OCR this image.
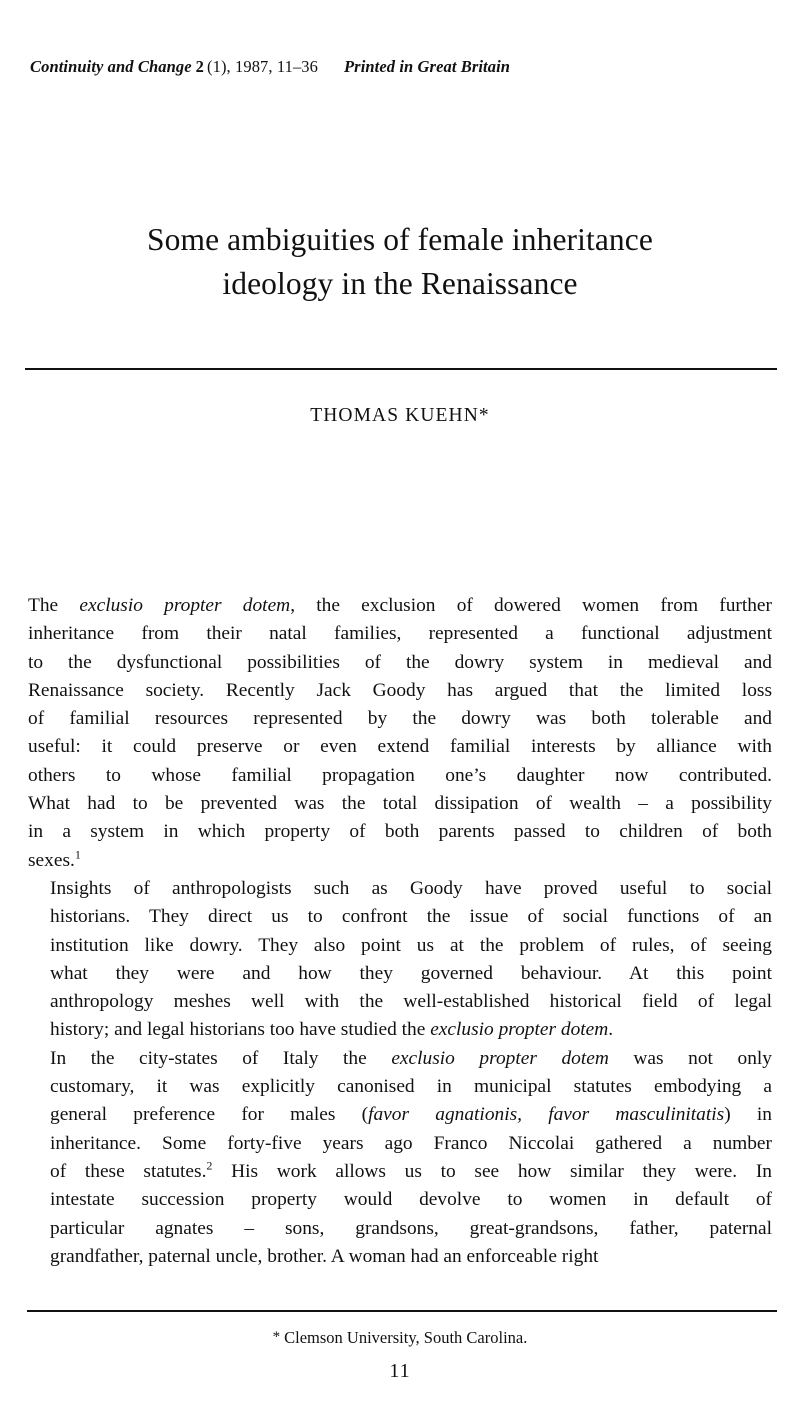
Continuity and Change 2 (1), 1987, 11–36 Printed in Great Britain
Some ambiguities of female inheritance
ideology in the Renaissance
THOMAS KUEHN*

The exclusio propter dotem, the exclusion of dowered women from further
inheritance from their natal families, represented a functional adjustment
to the dysfunctional possibilities of the dowry system in medieval and
Renaissance society. Recently Jack Goody has argued that the limited loss
of familial resources represented by the dowry was both tolerable and
useful: it could preserve or even extend familial interests by alliance with
others to whose familial propagation one’s daughter now contributed.
What had to be prevented was the total dissipation of wealth – a possibility
in a system in which property of both parents passed to children of both
sexes.$^1$

Insights of anthropologists such as Goody have proved useful to social
historians. They direct us to confront the issue of social functions of an
institution like dowry. They also point us at the problem of rules, of seeing
what they were and how they governed behaviour. At this point
anthropology meshes well with the well-established historical field of legal
history; and legal historians too have studied the exclusio propter dotem.

In the city-states of Italy the exclusio propter dotem was not only
customary, it was explicitly canonised in municipal statutes embodying a
general preference for males (favor agnationis, favor masculinitatis) in
inheritance. Some forty-five years ago Franco Niccolai gathered a number
of these statutes.$^2$ His work allows us to see how similar they were. In
intestate succession property would devolve to women in default of
particular agnates – sons, grandsons, great-grandsons, father, paternal
grandfather, paternal uncle, brother. A woman had an enforceable right

* Clemson University, South Carolina.
11
